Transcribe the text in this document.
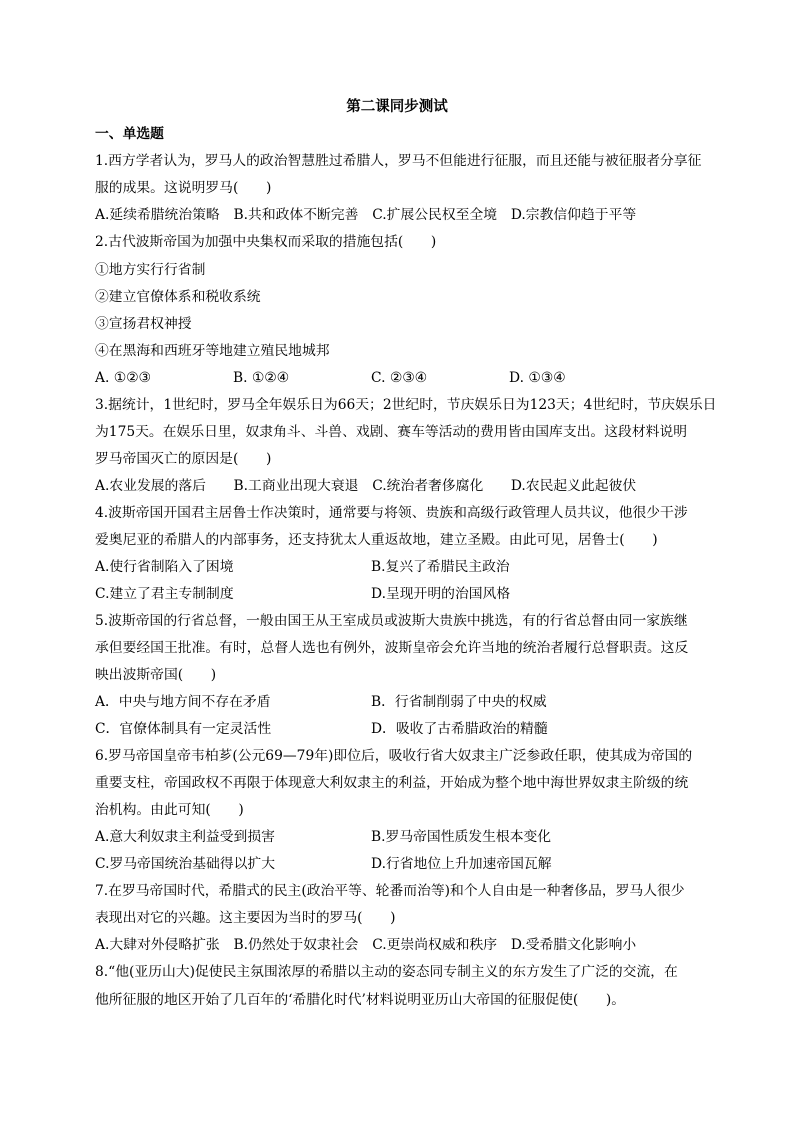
第二课同步测试
一、单选题
1.西方学者认为，罗马人的政治智慧胜过希腊人，罗马不但能进行征服，而且还能与被征服者分享征
服的成果。这说明罗马(　　)
A.延续希腊统治策略　B.共和政体不断完善　C.扩展公民权至全境　D.宗教信仰趋于平等
2.古代波斯帝国为加强中央集权而采取的措施包括(　　)
①地方实行行省制
②建立官僚体系和税收系统
③宣扬君权神授
④在黑海和西班牙等地建立殖民地城邦
A. ①②③	B. ①②④	C. ②③④	D. ①③④
3.据统计，1世纪时，罗马全年娱乐日为66天；2世纪时，节庆娱乐日为123天；4世纪时，节庆娱乐日
为175天。在娱乐日里，奴隶角斗、斗兽、戏剧、赛车等活动的费用皆由国库支出。这段材料说明
罗马帝国灭亡的原因是(　　)
A.农业发展的落后　　B.工商业出现大衰退　C.统治者奢侈腐化　　D.农民起义此起彼伏
4.波斯帝国开国君主居鲁士作决策时，通常要与将领、贵族和高级行政管理人员共议，他很少干涉
爱奥尼亚的希腊人的内部事务，还支持犹太人重返故地，建立圣殿。由此可见，居鲁士(　　)
A.使行省制陷入了困境	B.复兴了希腊民主政治
C.建立了君主专制制度	D.呈现开明的治国风格
5.波斯帝国的行省总督，一般由国王从王室成员或波斯大贵族中挑选，有的行省总督由同一家族继
承但要经国王批准。有时，总督人选也有例外，波斯皇帝会允许当地的统治者履行总督职责。这反
映出波斯帝国(　　)
A．中央与地方间不存在矛盾	B．行省制削弱了中央的权威
C．官僚体制具有一定灵活性	D．吸收了古希腊政治的精髓
6.罗马帝国皇帝韦柏芗(公元69—79年)即位后，吸收行省大奴隶主广泛参政任职，使其成为帝国的
重要支柱，帝国政权不再限于体现意大利奴隶主的利益，开始成为整个地中海世界奴隶主阶级的统
治机构。由此可知(　　)
A.意大利奴隶主利益受到损害	B.罗马帝国性质发生根本变化
C.罗马帝国统治基础得以扩大	D.行省地位上升加速帝国瓦解
7.在罗马帝国时代，希腊式的民主(政治平等、轮番而治等)和个人自由是一种奢侈品，罗马人很少
表现出对它的兴趣。这主要因为当时的罗马(　　)
A.大肆对外侵略扩张　B.仍然处于奴隶社会　C.更崇尚权威和秩序　D.受希腊文化影响小
8.“他(亚历山大)促使民主氛围浓厚的希腊以主动的姿态同专制主义的东方发生了广泛的交流，在
他所征服的地区开始了几百年的‘希腊化时代’材料说明亚历山大帝国的征服促使(　　)。
